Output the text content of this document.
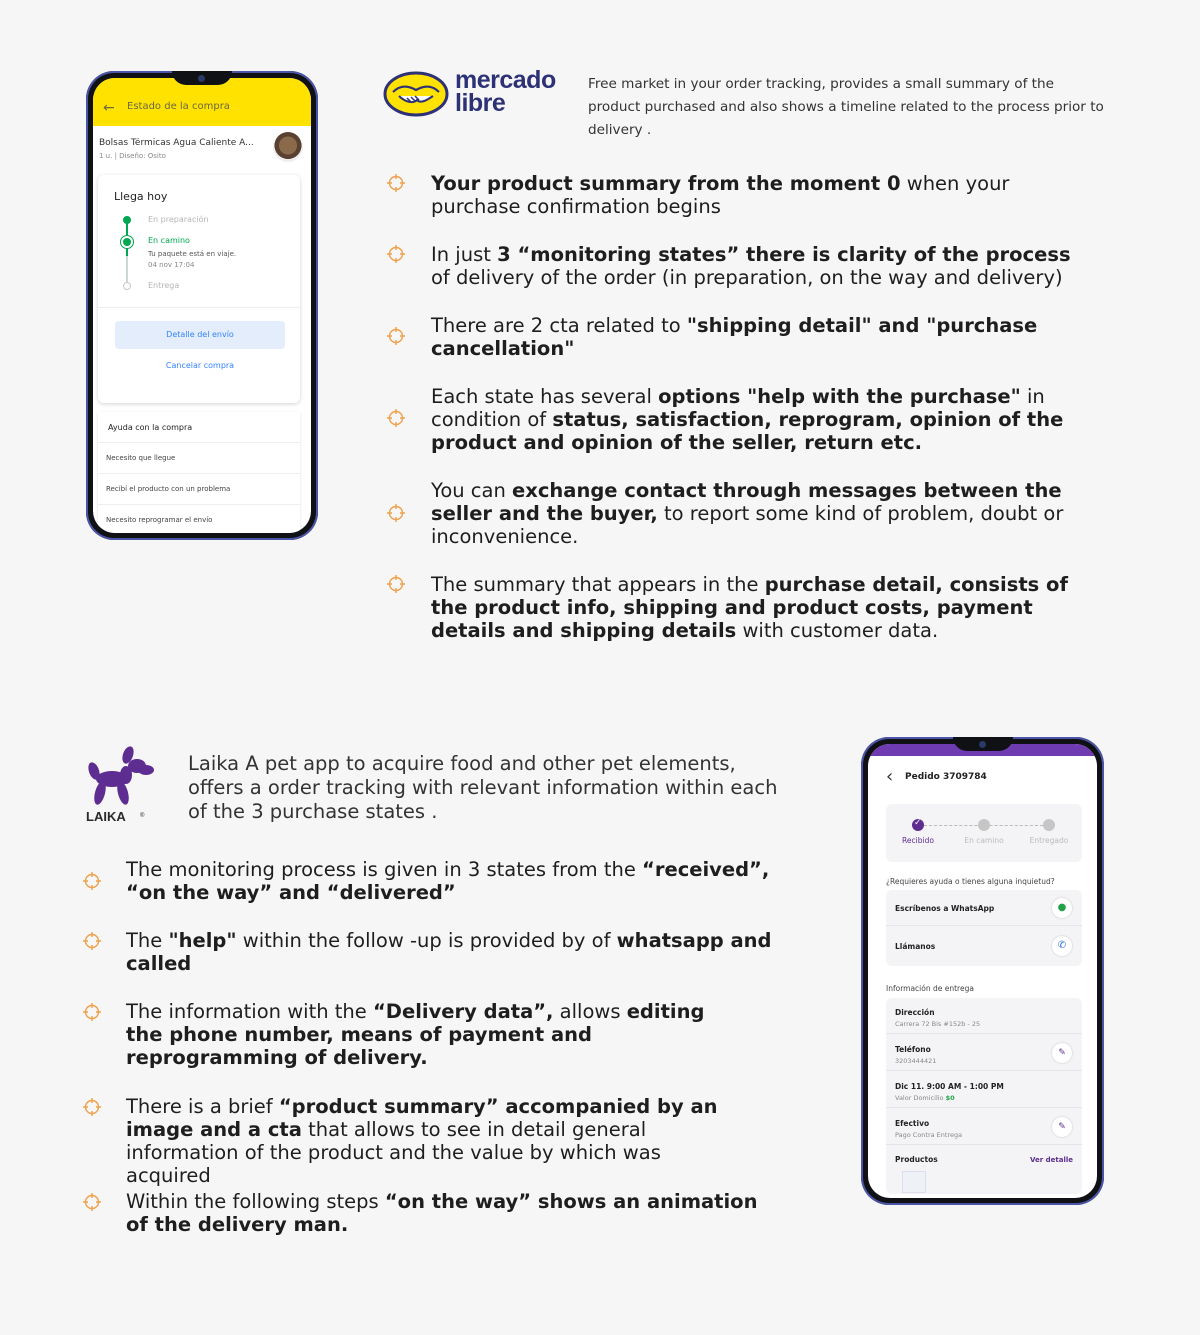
← Estado de la compra
Bolsas Térmicas Agua Caliente A...
1 u. | Diseño: Osito
Llega hoy
En preparación
En camino
Tu paquete está en viaje.
04 nov 17:04
Entrega
Detalle del envío
Cancelar compra
Ayuda con la compra
Necesito que llegue
Recibí el producto con un problema
Necesito reprogramar el envío
mercado
libre
Free market in your order tracking, provides a small summary of the product purchased and also shows a timeline related to the process prior to delivery .
Your product summary from the moment 0 when your purchase confirmation begins
In just 3 “monitoring states” there is clarity of the process of delivery of the order (in preparation, on the way and delivery)
There are 2 cta related to "shipping detail" and "purchase cancellation"
Each state has several options "help with the purchase" in condition of status, satisfaction, reprogram, opinion of the product and opinion of the seller, return etc.
You can exchange contact through messages between the seller and the buyer, to report some kind of problem, doubt or inconvenience.
The summary that appears in the purchase detail, consists of the product info, shipping and product costs, payment details and shipping details with customer data.
LAIKA ®
Laika A pet app to acquire food and other pet elements, offers a order tracking with relevant information within each of the 3 purchase states .
The monitoring process is given in 3 states from the “received”, “on the way” and “delivered”
The "help" within the follow -up is provided by of whatsapp and called
The information with the “Delivery data”, allows editing the phone number, means of payment and reprogramming of delivery.
There is a brief “product summary” accompanied by an image and a cta that allows to see in detail general information of the product and the value by which was acquired
Within the following steps “on the way” shows an animation of the delivery man.
‹ Pedido 3709784
✓
Recibido	En camino	Entregado
¿Requieres ayuda o tienes alguna inquietud?
Escríbenos a WhatsApp	●
Llámanos	✆
Información de entrega
Dirección
Carrera 72 Bis #152b - 25
Teléfono
3203444421
✎
Dic 11. 9:00 AM - 1:00 PM
Valor Domicilio $0
Efectivo
Pago Contra Entrega
✎
Productos	Ver detalle
